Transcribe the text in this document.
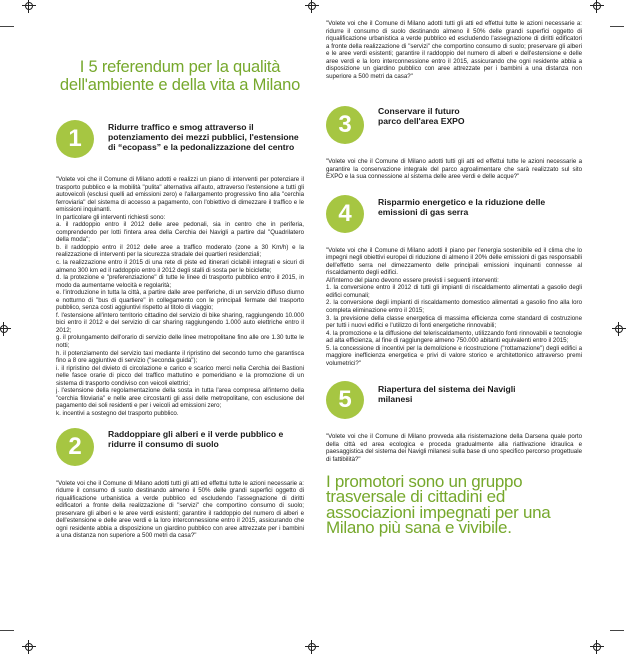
I 5 referendum per la qualità dell'ambiente e della vita a Milano
1	Ridurre traffico e smog attraverso il potenziamento dei mezzi pubblici, l'estensione di “ecopass” e la pedonalizzazione del centro

"Volete voi che il Comune di Milano adotti e realizzi un piano di interventi per potenziare il trasporto pubblico e la mobilità "pulita" alternativa all'auto, attraverso l'estensione a tutti gli autoveicoli (esclusi quelli ad emissioni zero) e l'allargamento progressivo fino alla "cerchia ferroviaria" del sistema di accesso a pagamento, con l'obiettivo di dimezzare il traffico e le emissioni inquinanti.

In particolare gli interventi richiesti sono:

a. il raddoppio entro il 2012 delle aree pedonali, sia in centro che in periferia, comprendendo per lotti l'intera area della Cerchia dei Navigli a partire dal "Quadrilatero della moda";

b. il raddoppio entro il 2012 delle aree a traffico moderato (zone a 30 Km/h) e la realizzazione di interventi per la sicurezza stradale dei quartieri residenziali;

c. la realizzazione entro il 2015 di una rete di piste ed itinerari ciclabili integrati e sicuri di almeno 300 km ed il raddoppio entro il 2012 degli stalli di sosta per le biciclette;

d. la protezione e "preferenziazione" di tutte le linee di trasporto pubblico entro il 2015, in modo da aumentarne velocità e regolarità;

e. l'introduzione in tutta la città, a partire dalle aree periferiche, di un servizio diffuso diurno e notturno di "bus di quartiere" in collegamento con le principali fermate del trasporto pubblico, senza costi aggiuntivi rispetto al titolo di viaggio;

f. l'estensione all'intero territorio cittadino del servizio di bike sharing, raggiungendo 10.000 bici entro il 2012 e del servizio di car sharing raggiungendo 1.000 auto elettriche entro il 2012;

g. il prolungamento dell'orario di servizio delle linee metropolitane fino alle ore 1.30 tutte le notti;

h. il potenziamento del servizio taxi mediante il ripristino del secondo turno che garantisca fino a 8 ore aggiuntive di servizio ("seconda guida");

i. il ripristino del divieto di circolazione e carico e scarico merci nella Cerchia dei Bastioni nelle fasce orarie di picco del traffico mattutino e pomeridiano e la promozione di un sistema di trasporto condiviso con veicoli elettrici;

j. l'estensione della regolamentazione della sosta in tutta l'area compresa all'interno della "cerchia filoviaria" e nelle aree circostanti gli assi delle metropolitane, con esclusione del pagamento dei soli residenti e per i veicoli ad emissioni zero;

k. incentivi a sostegno del trasporto pubblico.

2	Raddoppiare gli alberi e il verde pubblico e ridurre il consumo di suolo

"Volete voi che il Comune di Milano adotti tutti gli atti ed effettui tutte le azioni necessarie a: ridurre il consumo di suolo destinando almeno il 50% delle grandi superfici oggetto di riqualificazione urbanistica a verde pubblico ed escludendo l'assegnazione di diritti edificatori a fronte della realizzazione di "servizi" che comportino consumo di suolo; preservare gli alberi e le aree verdi esistenti; garantire il raddoppio del numero di alberi e dell'estensione e delle aree verdi e la loro interconnessione entro il 2015, assicurando che ogni residente abbia a disposizione un giardino pubblico con aree attrezzate per i bambini a una distanza non superiore a 500 metri da casa?"

"Volete voi che il Comune di Milano adotti tutti gli atti ed effettui tutte le azioni necessarie a: ridurre il consumo di suolo destinando almeno il 50% delle grandi superfici oggetto di riqualificazione urbanistica a verde pubblico ed escludendo l'assegnazione di diritti edificatori a fronte della realizzazione di "servizi" che comportino consumo di suolo; preservare gli alberi e le aree verdi esistenti; garantire il raddoppio del numero di alberi e dell'estensione e delle aree verdi e la loro interconnessione entro il 2015, assicurando che ogni residente abbia a disposizione un giardino pubblico con aree attrezzate per i bambini a una distanza non superiore a 500 metri da casa?"

3	Conservare il futuro parco dell'area EXPO

"Volete voi che il Comune di Milano adotti tutti gli atti ed effettui tutte le azioni necessarie a garantire la conservazione integrale del parco agroalimentare che sarà realizzato sul sito EXPO e la sua connessione al sistema delle aree verdi e delle acque?"

4	Risparmio energetico e la riduzione delle emissioni di gas serra

"Volete voi che il Comune di Milano adotti il piano per l'energia sostenibile ed il clima che lo impegni negli obiettivi europei di riduzione di almeno il 20% delle emissioni di gas responsabili dell'effetto serra nel dimezzamento delle principali emissioni inquinanti connesse al riscaldamento degli edifici.

All'interno del piano devono essere previsti i seguenti interventi:

1. la conversione entro il 2012 di tutti gli impianti di riscaldamento alimentati a gasolio degli edifici comunali;

2. la conversione degli impianti di riscaldamento domestico alimentati a gasolio fino alla loro completa eliminazione entro il 2015;

3. la previsione della classe energetica di massima efficienza come standard di costruzione per tutti i nuovi edifici e l'utilizzo di fonti energetiche rinnovabili;

4. la promozione e la diffusione del teleriscaldamento, utilizzando fonti rinnovabili e tecnologie ad alta efficienza, al fine di raggiungere almeno 750.000 abitanti equivalenti entro il 2015;

5. la concessione di incentivi per la demolizione e ricostruzione ("rottamazione") degli edifici a maggiore inefficienza energetica e privi di valore storico e architettonico attraverso premi volumetrici?"

5	Riapertura del sistema dei Navigli milanesi

"Volete voi che il Comune di Milano provveda alla risistemazione della Darsena quale porto della città ed area ecologica e proceda gradualmente alla riattivazione idraulica e paesaggistica del sistema dei Navigli milanesi sulla base di uno specifico percorso progettuale di fattibilità?"

I promotori sono un gruppo trasversale di cittadini ed associazioni impegnati per una Milano più sana e vivibile.
